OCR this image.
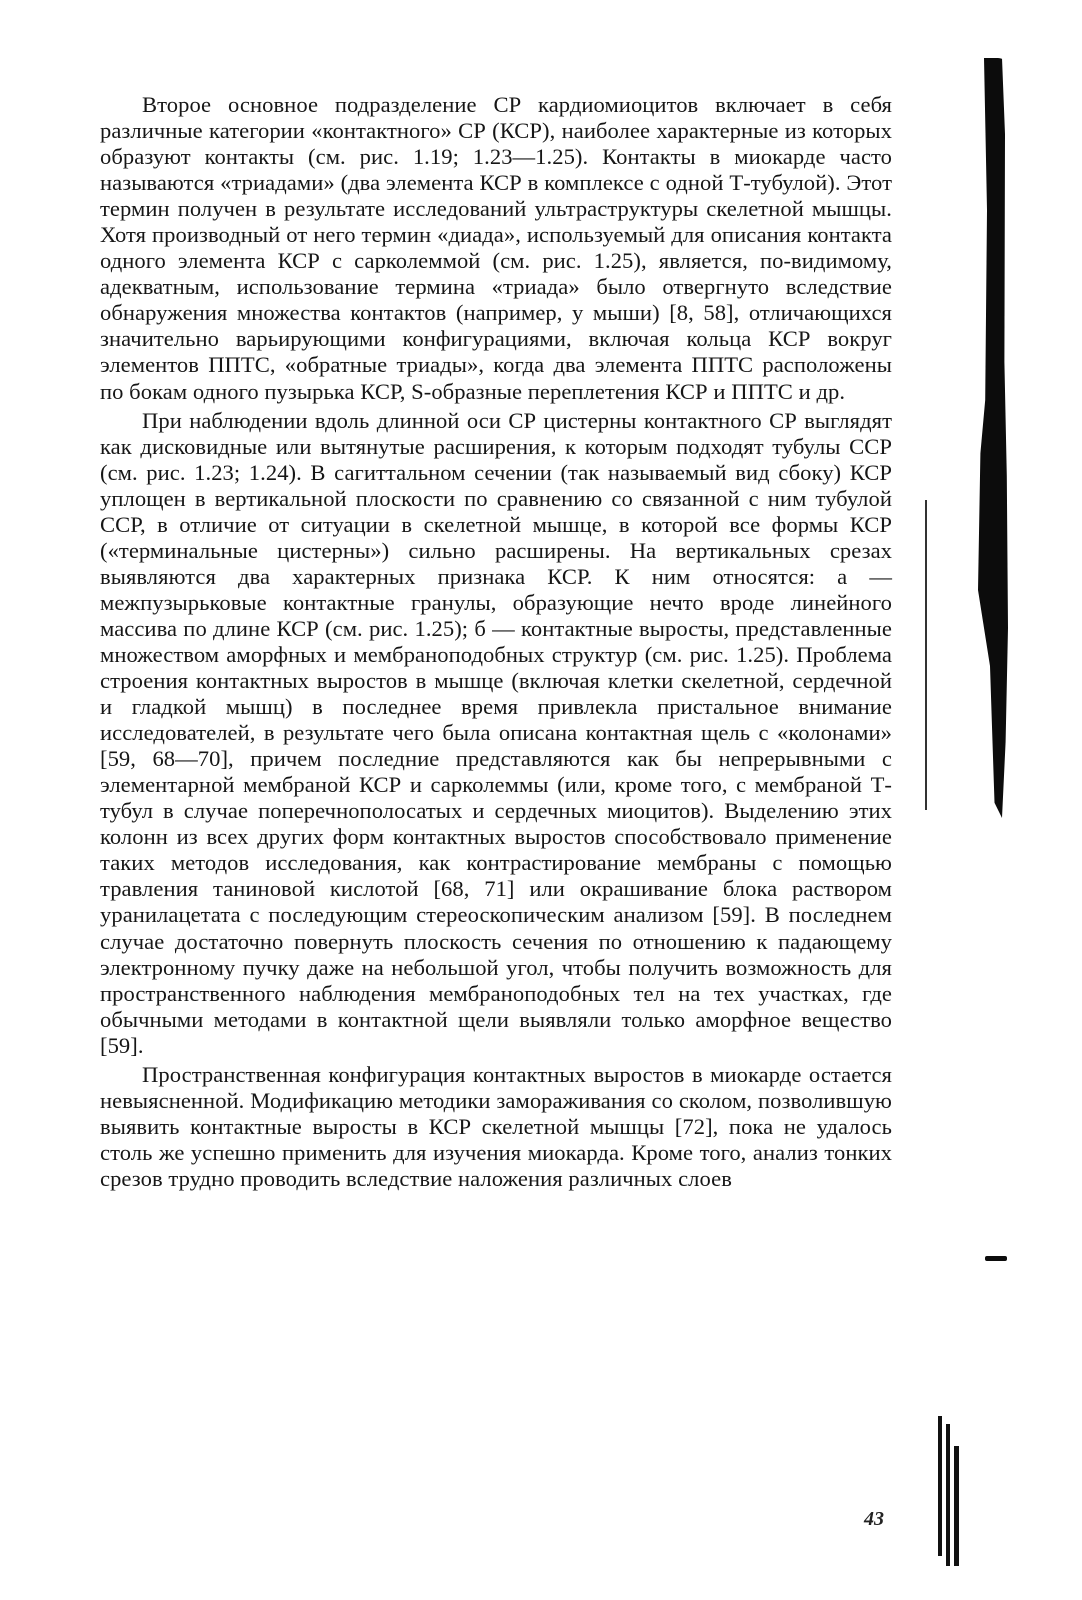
Второе основное подразделение СР кардиомиоцитов включает в себя различные категории «контактного» СР (КСР), наиболее характерные из которых образуют контакты (см. рис. 1.19; 1.23—1.25). Контакты в миокарде часто называются «триадами» (два элемента КСР в комплексе с одной Т-тубулой). Этот термин получен в результате исследований ультраструктуры скелетной мышцы. Хотя производный от него термин «диада», используемый для описания контакта одного элемента КСР с сарколеммой (см. рис. 1.25), является, по-видимому, адекватным, использование термина «триада» было отвергнуто вследствие обнаружения множества контактов (например, у мыши) [8, 58], отличающихся значительно варьирующими конфигурациями, включая кольца КСР вокруг элементов ППТС, «обратные триады», когда два элемента ППТС расположены по бокам одного пузырька КСР, S-образные переплетения КСР и ППТС и др.

При наблюдении вдоль длинной оси СР цистерны контактного СР выглядят как дисковидные или вытянутые расширения, к которым подходят тубулы ССР (см. рис. 1.23; 1.24). В сагиттальном сечении (так называемый вид сбоку) КСР уплощен в вертикальной плоскости по сравнению со связанной с ним тубулой ССР, в отличие от ситуации в скелетной мышце, в которой все формы КСР («терминальные цистерны») сильно расширены. На вертикальных срезах выявляются два характерных признака КСР. К ним относятся: а — межпузырьковые контактные гранулы, образующие нечто вроде линейного массива по длине КСР (см. рис. 1.25); б — контактные выросты, представленные множеством аморфных и мембраноподобных структур (см. рис. 1.25). Проблема строения контактных выростов в мышце (включая клетки скелетной, сердечной и гладкой мышц) в последнее время привлекла пристальное внимание исследователей, в результате чего была описана контактная щель с «колонами» [59, 68—70], причем последние представляются как бы непрерывными с элементарной мембраной КСР и сарколеммы (или, кроме того, с мембраной Т-тубул в случае поперечнополосатых и сердечных миоцитов). Выделению этих колонн из всех других форм контактных выростов способствовало применение таких методов исследования, как контрастирование мембраны с помощью травления таниновой кислотой [68, 71] или окрашивание блока раствором уранилацетата с последующим стереоскопическим анализом [59]. В последнем случае достаточно повернуть плоскость сечения по отношению к падающему электронному пучку даже на небольшой угол, чтобы получить возможность для пространственного наблюдения мембраноподобных тел на тех участках, где обычными методами в контактной щели выявляли только аморфное вещество [59].

Пространственная конфигурация контактных выростов в миокарде остается невыясненной. Модификацию методики замораживания со сколом, позволившую выявить контактные выросты в КСР скелетной мышцы [72], пока не удалось столь же успешно применить для изучения миокарда. Кроме того, анализ тонких срезов трудно проводить вследствие наложения различных слоев

43
